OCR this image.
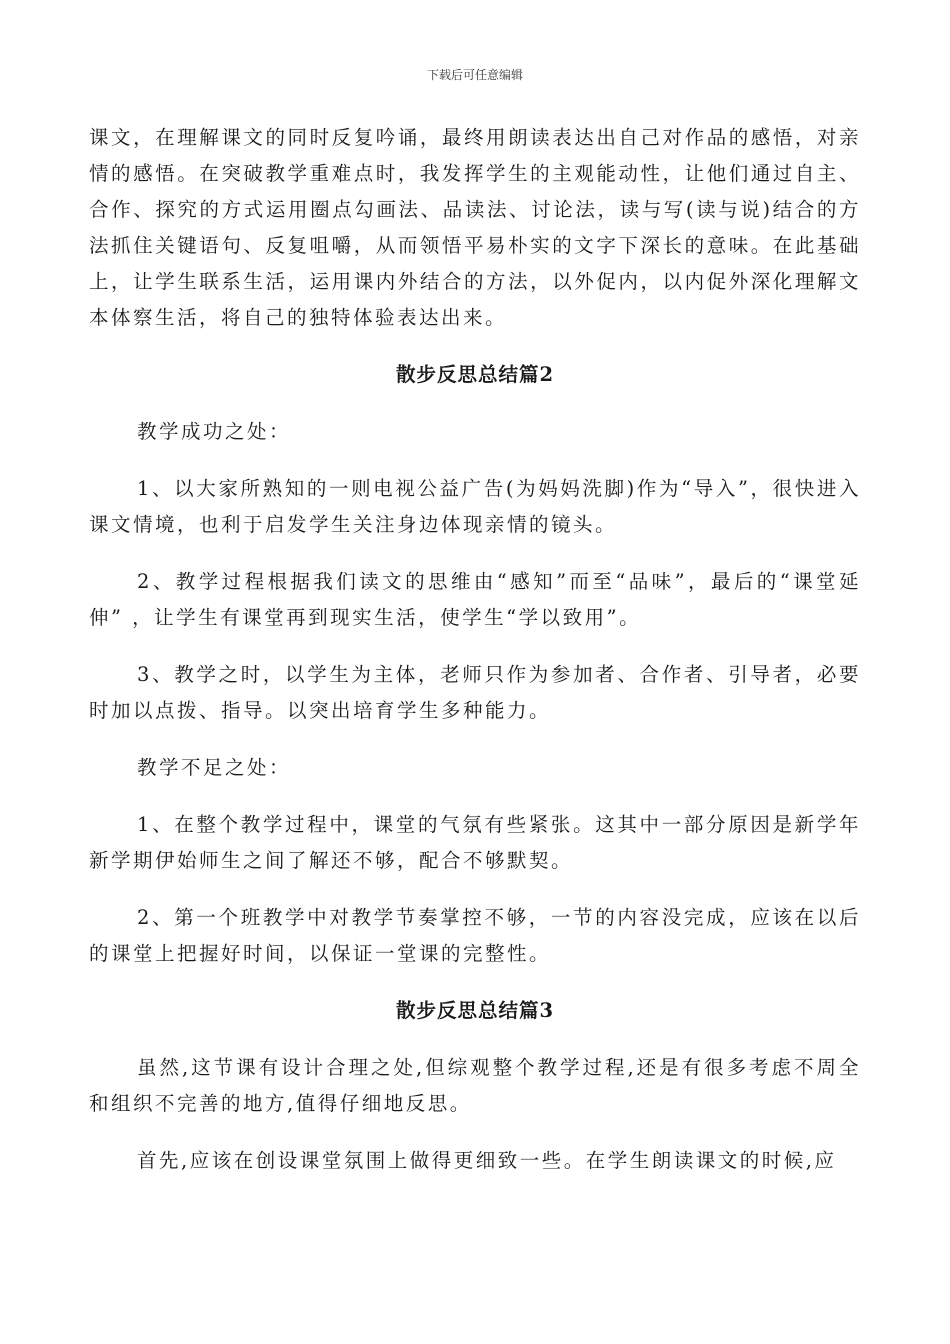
下载后可任意编辑

课文，在理解课文的同时反复吟诵，最终用朗读表达出自己对作品的感悟，对亲情的感悟。在突破教学重难点时，我发挥学生的主观能动性，让他们通过自主、合作、探究的方式运用圈点勾画法、品读法、讨论法，读与写(读与说)结合的方法抓住关键语句、反复咀嚼，从而领悟平易朴实的文字下深长的意味。在此基础上，让学生联系生活，运用课内外结合的方法，以外促内，以内促外深化理解文本体察生活，将自己的独特体验表达出来。

散步反思总结篇2

教学成功之处：

1、以大家所熟知的一则电视公益广告(为妈妈洗脚)作为“导入”，很快进入课文情境，也利于启发学生关注身边体现亲情的镜头。

2、教学过程根据我们读文的思维由“感知”而至“品味”，最后的“课堂延伸” ，让学生有课堂再到现实生活，使学生“学以致用”。

3、教学之时，以学生为主体，老师只作为参加者、合作者、引导者，必要时加以点拨、指导。以突出培育学生多种能力。

教学不足之处：

1、在整个教学过程中，课堂的气氛有些紧张。这其中一部分原因是新学年新学期伊始师生之间了解还不够，配合不够默契。

2、第一个班教学中对教学节奏掌控不够，一节的内容没完成，应该在以后的课堂上把握好时间，以保证一堂课的完整性。

散步反思总结篇3

虽然,这节课有设计合理之处,但综观整个教学过程,还是有很多考虑不周全和组织不完善的地方,值得仔细地反思。

首先,应该在创设课堂氛围上做得更细致一些。在学生朗读课文的时候,应
